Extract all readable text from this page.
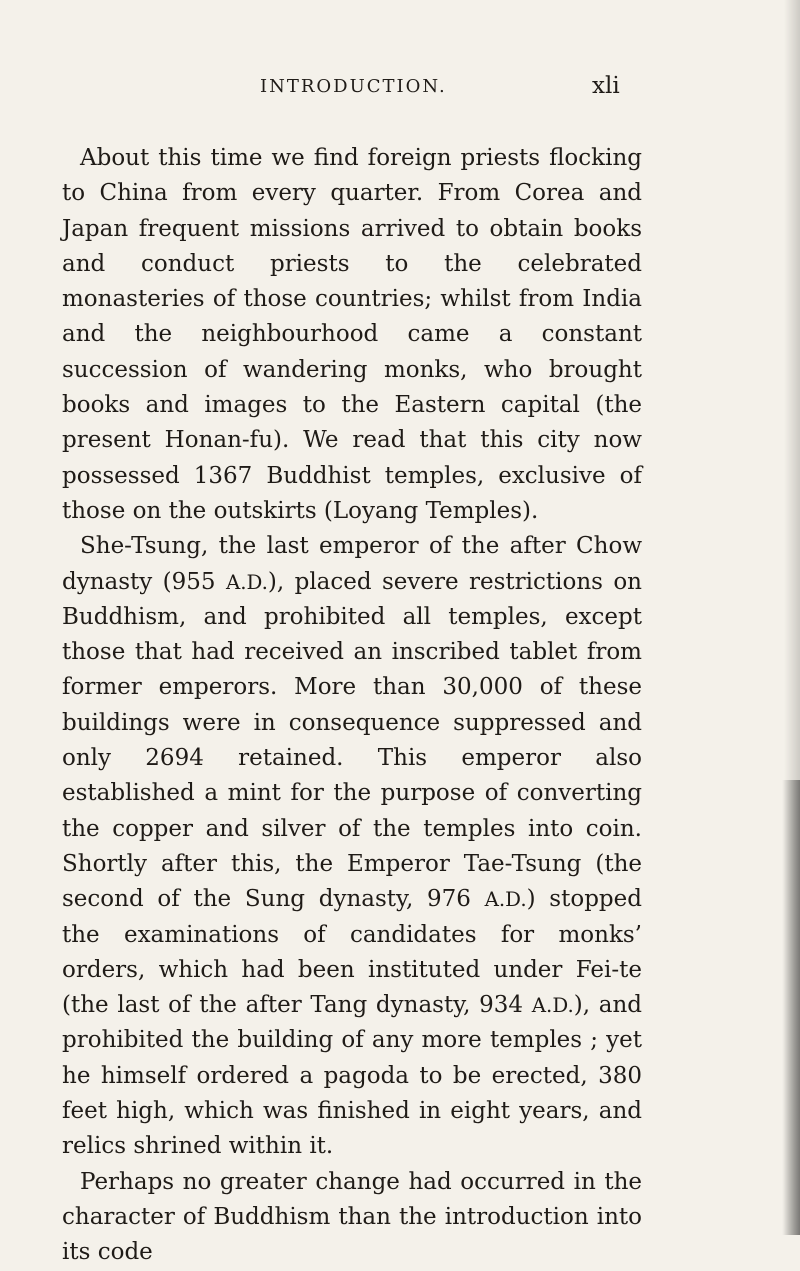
INTRODUCTION.	xli

About this time we find foreign priests flocking to China from every quarter. From Corea and Japan frequent missions arrived to obtain books and conduct priests to the celebrated monasteries of those countries; whilst from India and the neighbourhood came a constant succession of wandering monks, who brought books and images to the Eastern capital (the present Honan-fu). We read that this city now possessed 1367 Buddhist temples, exclusive of those on the outskirts (Loyang Temples).

She-Tsung, the last emperor of the after Chow dynasty (955 A.D.), placed severe restrictions on Buddhism, and prohibited all temples, except those that had received an inscribed tablet from former emperors. More than 30,000 of these buildings were in consequence suppressed and only 2694 retained. This emperor also established a mint for the purpose of converting the copper and silver of the temples into coin. Shortly after this, the Emperor Tae-Tsung (the second of the Sung dynasty, 976 A.D.) stopped the examinations of candidates for monks’ orders, which had been instituted under Fei-te (the last of the after Tang dynasty, 934 A.D.), and prohibited the building of any more temples ; yet he himself ordered a pagoda to be erected, 380 feet high, which was finished in eight years, and relics shrined within it.

Perhaps no greater change had occurred in the character of Buddhism than the introduction into its code
